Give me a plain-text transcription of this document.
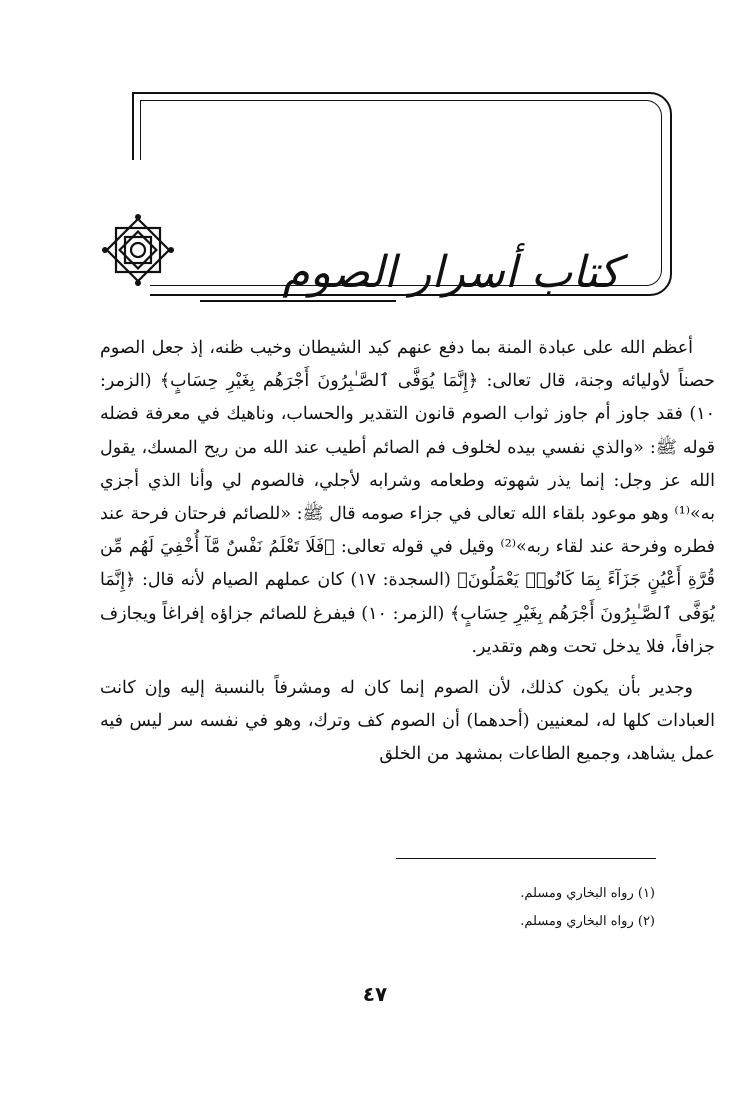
كتاب أسرار الصوم

أعظم الله على عبادة المنة بما دفع عنهم كيد الشيطان وخيب ظنه، إذ جعل الصوم حصناً لأوليائه وجنة، قال تعالى: ﴿إِنَّمَا يُوَفَّى ٱلصَّـٰبِرُونَ أَجْرَهُم بِغَيْرِ حِسَابٍ﴾ (الزمر: ١٠) فقد جاوز أم جاوز ثواب الصوم قانون التقدير والحساب، وناهيك في معرفة فضله قوله ﷺ: «والذي نفسي بيده لخلوف فم الصائم أطيب عند الله من ريح المسك، يقول الله عز وجل: إنما يذر شهوته وطعامه وشرابه لأجلي، فالصوم لي وأنا الذي أجزي به»⁽¹⁾ وهو موعود بلقاء الله تعالى في جزاء صومه قال ﷺ: «للصائم فرحتان فرحة عند فطره وفرحة عند لقاء ربه»⁽²⁾ وقيل في قوله تعالى: ﴿فَلَا تَعْلَمُ نَفْسٌ مَّآ أُخْفِيَ لَهُم مِّن قُرَّةِ أَعْيُنٍ جَزَآءً بِمَا كَانُوا۟ يَعْمَلُونَ﴾ (السجدة: ١٧) كان عملهم الصيام لأنه قال: ﴿إِنَّمَا يُوَفَّى ٱلصَّـٰبِرُونَ أَجْرَهُم بِغَيْرِ حِسَابٍ﴾ (الزمر: ١٠) فيفرغ للصائم جزاؤه إفراغاً ويجازف جزافاً، فلا يدخل تحت وهم وتقدير.

وجدير بأن يكون كذلك، لأن الصوم إنما كان له ومشرفاً بالنسبة إليه وإن كانت العبادات كلها له، لمعنيين (أحدهما) أن الصوم كف وترك، وهو في نفسه سر ليس فيه عمل يشاهد، وجميع الطاعات بمشهد من الخلق

(١) رواه البخاري ومسلم.
(٢) رواه البخاري ومسلم.
٤٧
